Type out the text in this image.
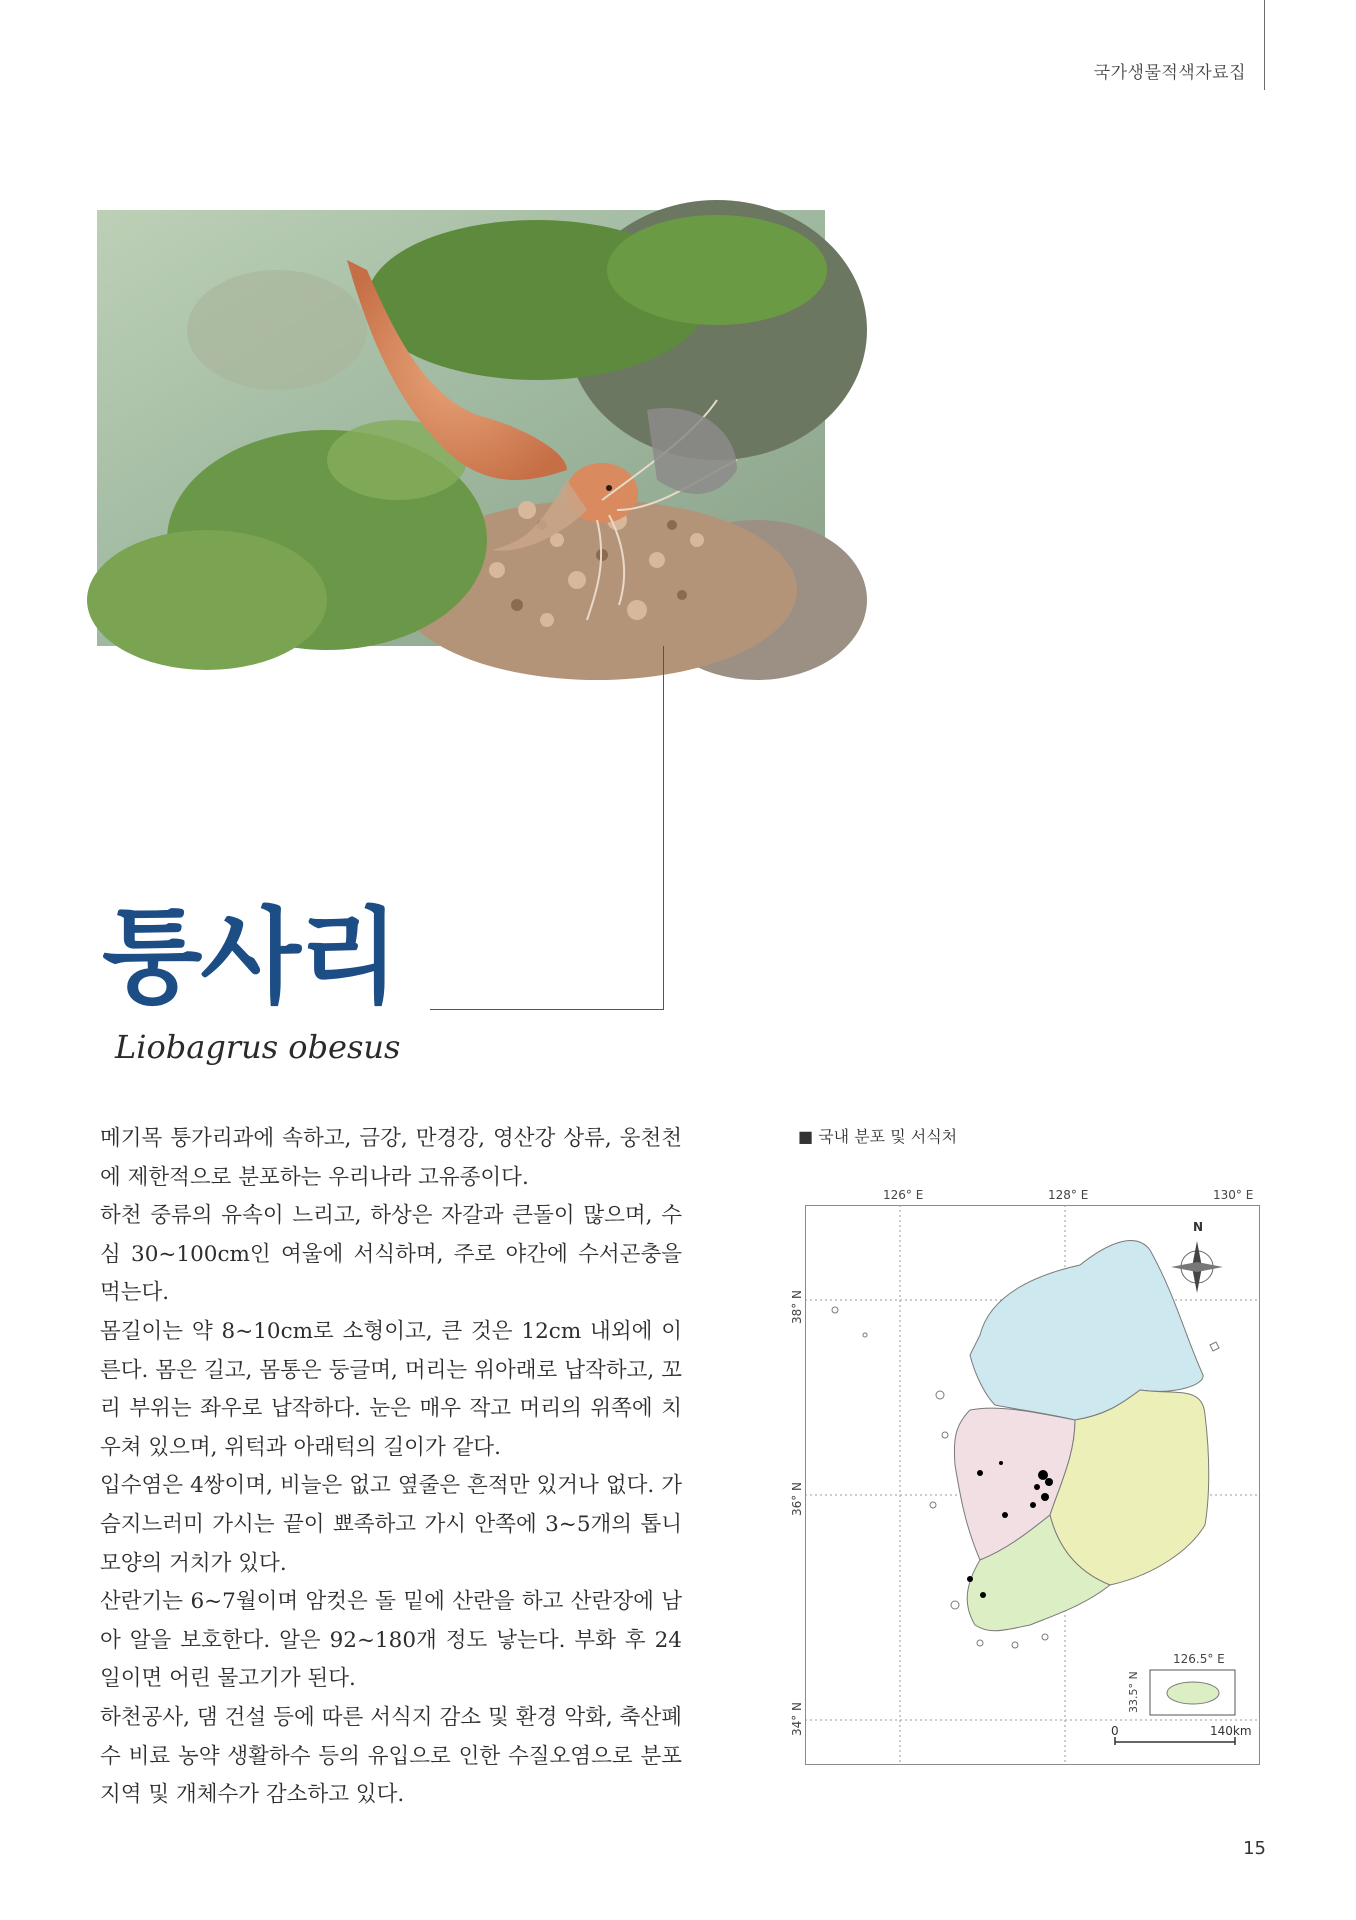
국가생물적색자료집
퉁사리
Liobagrus obesus

메기목 퉁가리과에 속하고, 금강, 만경강, 영산강 상류, 웅천천에 제한적으로 분포하는 우리나라 고유종이다.

하천 중류의 유속이 느리고, 하상은 자갈과 큰돌이 많으며, 수심 30~100cm인 여울에 서식하며, 주로 야간에 수서곤충을 먹는다.

몸길이는 약 8~10cm로 소형이고, 큰 것은 12cm 내외에 이른다. 몸은 길고, 몸통은 둥글며, 머리는 위아래로 납작하고, 꼬리 부위는 좌우로 납작하다. 눈은 매우 작고 머리의 위쪽에 치우쳐 있으며, 위턱과 아래턱의 길이가 같다.

입수염은 4쌍이며, 비늘은 없고 옆줄은 흔적만 있거나 없다. 가슴지느러미 가시는 끝이 뾰족하고 가시 안쪽에 3~5개의 톱니 모양의 거치가 있다.

산란기는 6~7월이며 암컷은 돌 밑에 산란을 하고 산란장에 남아 알을 보호한다. 알은 92~180개 정도 낳는다. 부화 후 24일이면 어린 물고기가 된다.

하천공사, 댐 건설 등에 따른 서식지 감소 및 환경 악화, 축산폐수 비료 농약 생활하수 등의 유입으로 인한 수질오염으로 분포지역 및 개체수가 감소하고 있다.

■ 국내 분포 및 서식처
N
126.5° E
33.5° N
0	140km
126° E	128° E	130° E
38° N
36° N
34° N
15
